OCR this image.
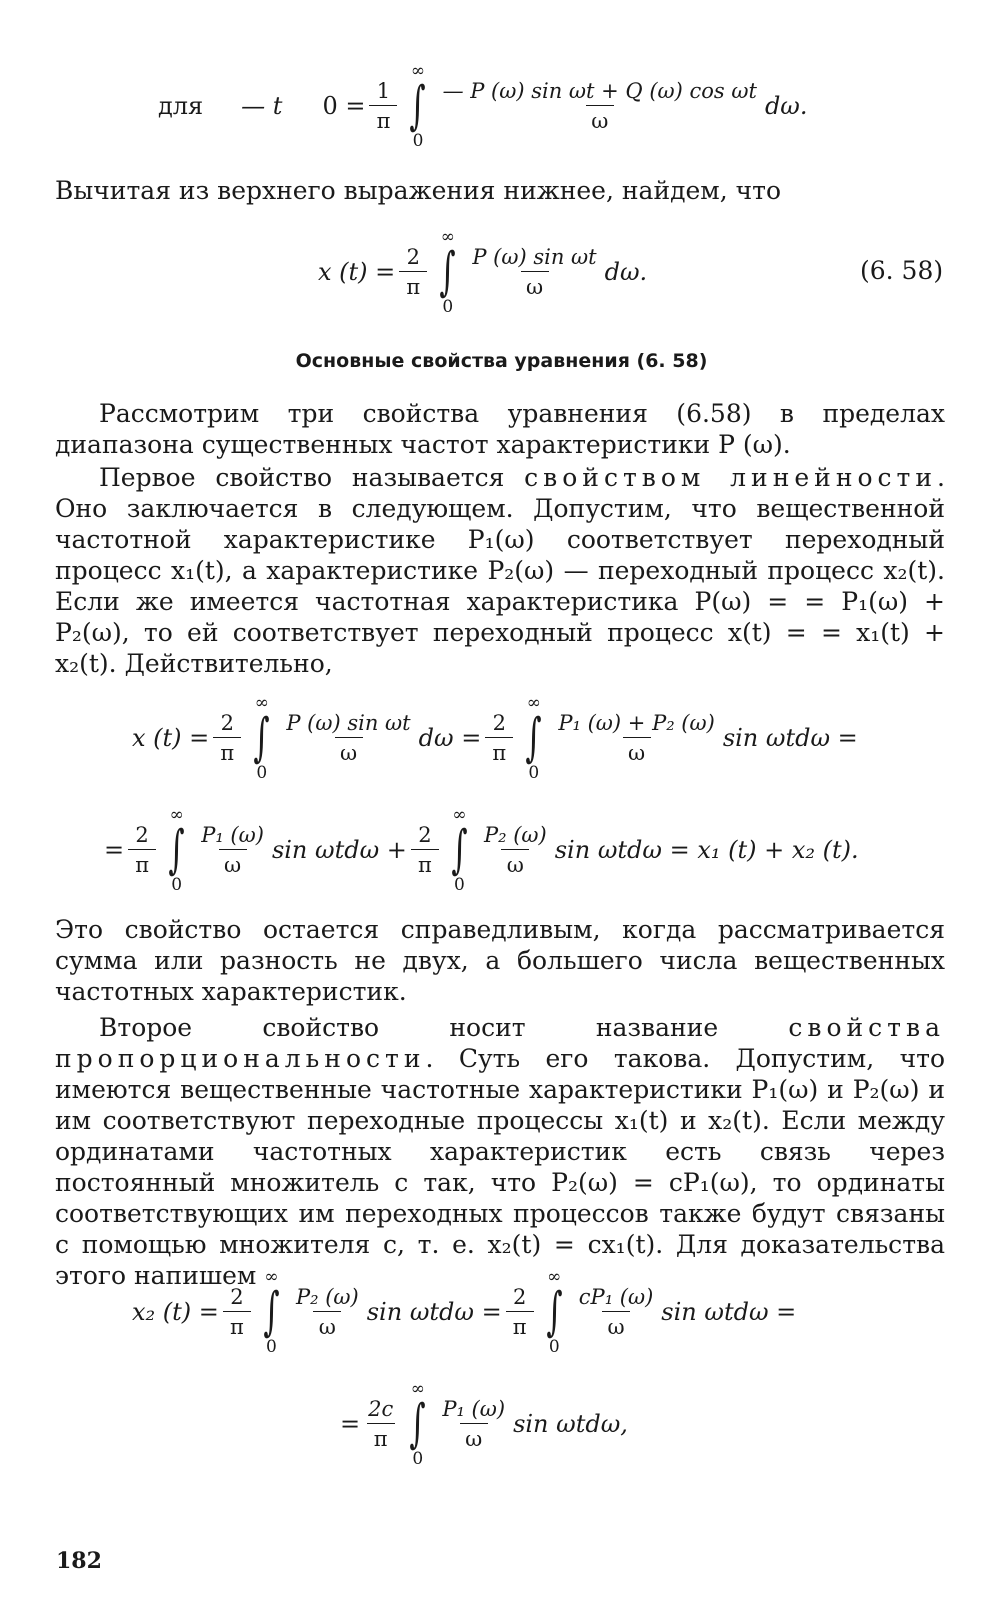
для — t $0 = \frac{1}{\pi}$
∞
∫
0
$\frac{\text{— P (ω) sin ωt + Q (ω) cos ωt}}{\omega} d\omega$.
Вычитая из верхнего выражения нижнее, найдем, что
x $(t) = \frac{2}{\pi}$
∞
∫
0
$\frac{\text{P (ω) sin ωt}}{\omega} d\omega$.	(6. 58)
Основные свойства уравнения (6. 58)
Рассмотрим три свойства уравнения (6.58) в пределах диапазона существенных частот характеристики P (ω).
Первое свойство называется свойством линейности. Оно заключается в следующем. Допустим, что вещественной частотной характеристике P₁(ω) соответствует переходный процесс x₁(t), а характеристике P₂(ω) — переходный процесс x₂(t). Если же имеется частотная характеристика P(ω) = = P₁(ω) + P₂(ω), то ей соответствует переходный процесс x(t) = = x₁(t) + x₂(t). Действительно,
x $(t) = \frac{2}{\pi}$
∞
∫
0
$\frac{\text{P (ω) sin ωt}}{\omega}$ $d\omega = \frac{2}{\pi}$
∞
∫
0
$\frac{\text{P₁ (ω) + P₂ (ω)}}{\omega}$ sin ωtdω =
= $\frac{2}{\pi}$
∞
∫
0
$\frac{\text{P₁ (ω)}}{\omega}$ $\sin \omega td\omega + \frac{2}{\pi}$
∞
∫
0
$\frac{\text{P₂ (ω)}}{\omega}$ sin ωtdω = x₁ (t) + x₂ (t).
Это свойство остается справедливым, когда рассматривается сумма или разность не двух, а большего числа вещественных частотных характеристик.
Второе свойство носит название свойства пропорциональности. Суть его такова. Допустим, что имеются вещественные частотные характеристики P₁(ω) и P₂(ω) и им соответствуют переходные процессы x₁(t) и x₂(t). Если между ординатами частотных характеристик есть связь через постоянный множитель c так, что P₂(ω) = cP₁(ω), то ординаты соответствующих им переходных процессов также будут связаны с помощью множителя c, т. е. x₂(t) = cx₁(t). Для доказательства этого напишем
x₂ $(t) = \frac{2}{\pi}$
∞
∫
0
$\frac{\text{P₂ (ω)}}{\omega}$ $\sin \omega td\omega = \frac{2}{\pi}$
∞
∫
0
$\frac{\text{cP₁ (ω)}}{\omega}$ sin ωtdω =
= $\frac{2c}{\pi}$
∞
∫
0
$\frac{\text{P₁ (ω)}}{\omega}$ sin ωtdω,
182
